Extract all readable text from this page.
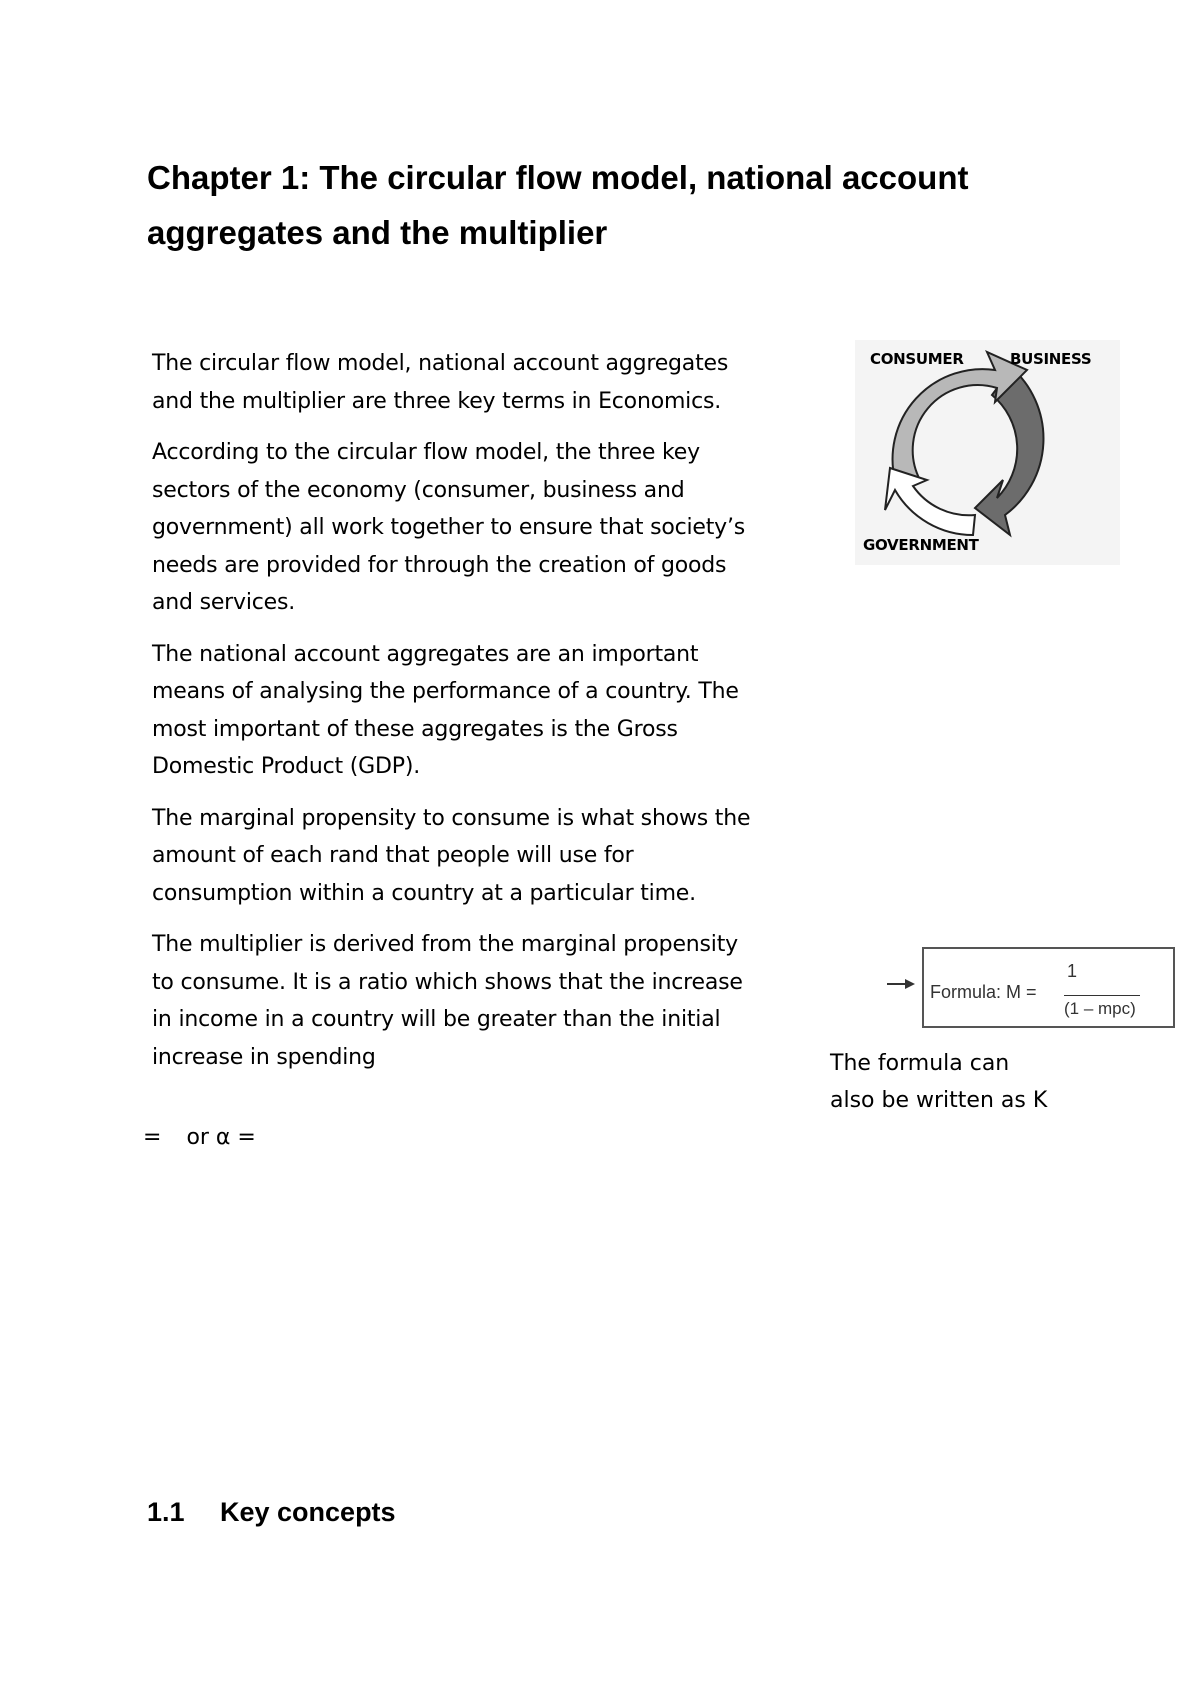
Chapter 1: The circular flow model, national account
aggregates and the multiplier

The circular flow model, national account aggregates
and the multiplier are three key terms in Economics.

According to the circular flow model, the three key
sectors of the economy (consumer, business and
government) all work together to ensure that society’s
needs are provided for through the creation of goods
and services.

The national account aggregates are an important
means of analysing the performance of a country. The
most important of these aggregates is the Gross
Domestic Product (GDP).

The marginal propensity to consume is what shows the
amount of each rand that people will use for
consumption within a country at a particular time.

The multiplier is derived from the marginal propensity
to consume. It is a ratio which shows that the increase
in income in a country will be greater than the initial
increase in spending

= or α =
CONSUMER	BUSINESS
GOVERNMENT
Formula: M =
1
(1 – mpc)
The formula can
also be written as K
1.1 Key concepts
